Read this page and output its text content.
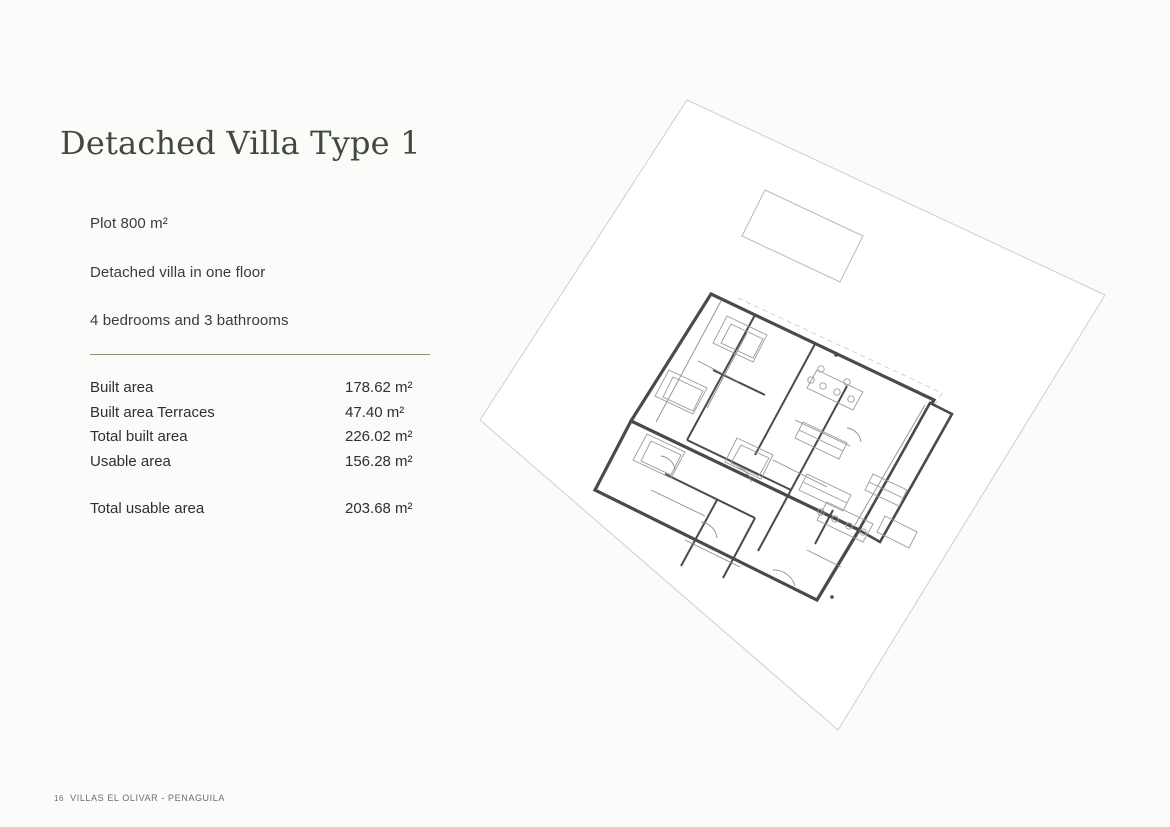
Detached Villa Type 1
Plot 800 m²
Detached villa in one floor
4 bedrooms and 3 bathrooms
Built area	178.62 m²
Built area Terraces	47.40 m²
Total built area	226.02 m²
Usable area	156.28 m²
Total usable area	203.68 m²
16 VILLAS EL OLIVAR - PENAGUILA
